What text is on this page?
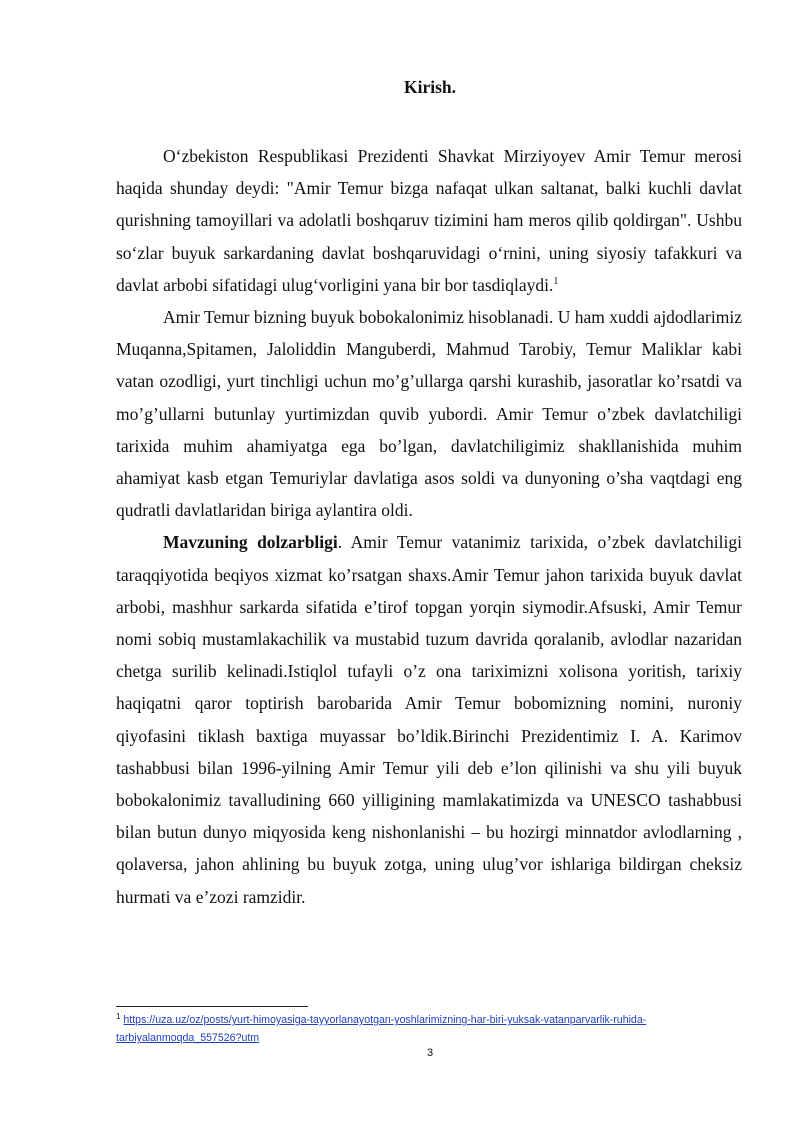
Kirish.

O‘zbekiston Respublikasi Prezidenti Shavkat Mirziyoyev Amir Temur merosi haqida shunday deydi: "Amir Temur bizga nafaqat ulkan saltanat, balki kuchli davlat qurishning tamoyillari va adolatli boshqaruv tizimini ham meros qilib qoldirgan". Ushbu so‘zlar buyuk sarkardaning davlat boshqaruvidagi o‘rnini, uning siyosiy tafakkuri va davlat arbobi sifatidagi ulug‘vorligini yana bir bor tasdiqlaydi.$^1$

Amir Temur bizning buyuk bobokalonimiz hisoblanadi. U ham xuddi ajdodlarimiz Muqanna,Spitamen, Jaloliddin Manguberdi, Mahmud Tarobiy, Temur Maliklar kabi vatan ozodligi, yurt tinchligi uchun mo’g’ullarga qarshi kurashib, jasoratlar ko’rsatdi va mo’g’ullarni butunlay yurtimizdan quvib yubordi. Amir Temur o’zbek davlatchiligi tarixida muhim ahamiyatga ega bo’lgan, davlatchiligimiz shakllanishida muhim ahamiyat kasb etgan Temuriylar davlatiga asos soldi va dunyoning o’sha vaqtdagi eng qudratli davlatlaridan biriga aylantira oldi.

Mavzuning dolzarbligi. Amir Temur vatanimiz tarixida, o’zbek davlatchiligi taraqqiyotida beqiyos xizmat ko’rsatgan shaxs.Amir Temur jahon tarixida buyuk davlat arbobi, mashhur sarkarda sifatida e’tirof topgan yorqin siymodir.Afsuski, Amir Temur nomi sobiq mustamlakachilik va mustabid tuzum davrida qoralanib, avlodlar nazaridan chetga surilib kelinadi.Istiqlol tufayli o’z ona tariximizni xolisona yoritish, tarixiy haqiqatni qaror toptirish barobarida Amir Temur bobomizning nomini, nuroniy qiyofasini tiklash baxtiga muyassar bo’ldik.Birinchi Prezidentimiz I. A. Karimov tashabbusi bilan 1996-yilning Amir Temur yili deb e’lon qilinishi va shu yili buyuk bobokalonimiz tavalludining 660 yilligining mamlakatimizda va UNESCO tashabbusi bilan butun dunyo miqyosida keng nishonlanishi – bu hozirgi minnatdor avlodlarning , qolaversa, jahon ahlining bu buyuk zotga, uning ulug’vor ishlariga bildirgan cheksiz hurmati va e’zozi ramzidir.

$^1$ https://uza.uz/oz/posts/yurt-himoyasiga-tayyorlanayotgan-yoshlarimizning-har-biri-yuksak-vatanparvarlik-ruhida-tarbiyalanmoqda_557526?utm
3
